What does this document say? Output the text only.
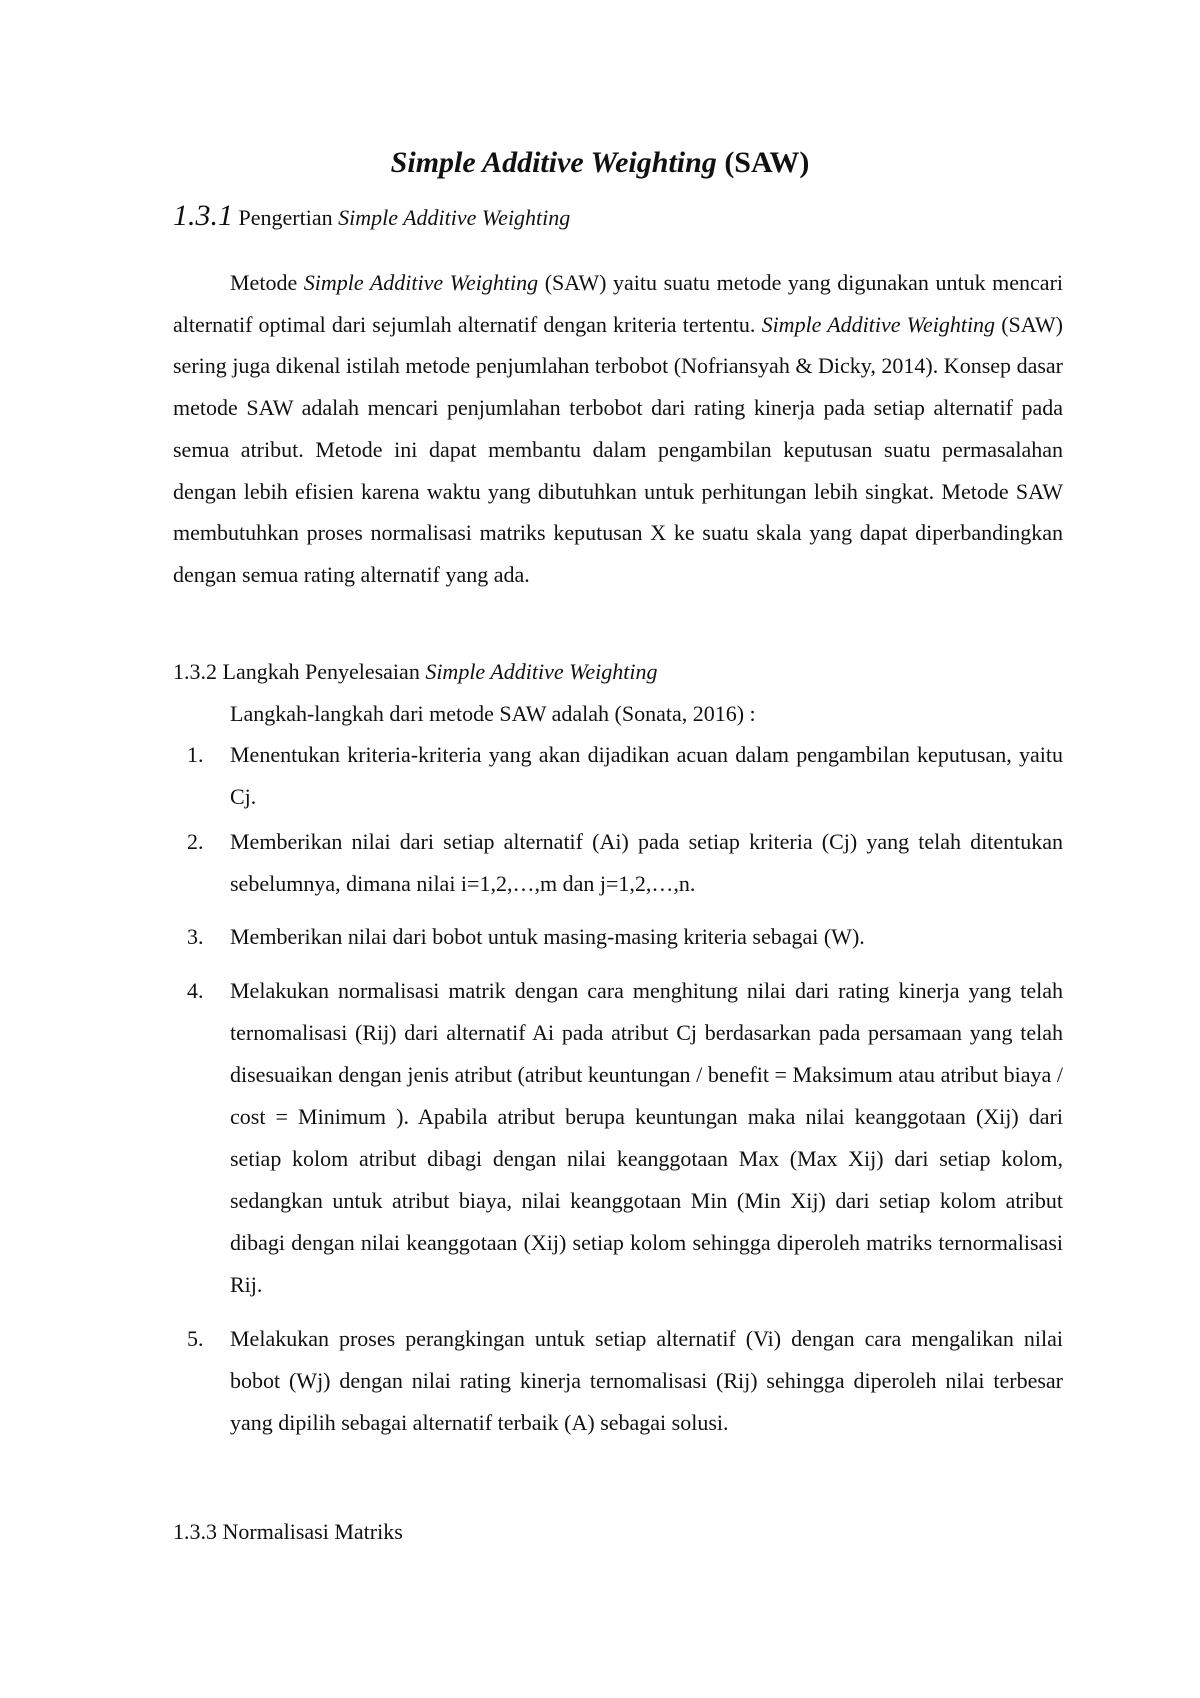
Simple Additive Weighting (SAW)

1.3.1 Pengertian Simple Additive Weighting

Metode Simple Additive Weighting (SAW) yaitu suatu metode yang digunakan untuk mencari alternatif optimal dari sejumlah alternatif dengan kriteria tertentu. Simple Additive Weighting (SAW) sering juga dikenal istilah metode penjumlahan terbobot (Nofriansyah & Dicky, 2014). Konsep dasar metode SAW adalah mencari penjumlahan terbobot dari rating kinerja pada setiap alternatif pada semua atribut. Metode ini dapat membantu dalam pengambilan keputusan suatu permasalahan dengan lebih efisien karena waktu yang dibutuhkan untuk perhitungan lebih singkat. Metode SAW membutuhkan proses normalisasi matriks keputusan X ke suatu skala yang dapat diperbandingkan dengan semua rating alternatif yang ada.

1.3.2 Langkah Penyelesaian Simple Additive Weighting

Langkah-langkah dari metode SAW adalah (Sonata, 2016) :

1. Menentukan kriteria-kriteria yang akan dijadikan acuan dalam pengambilan keputusan, yaitu Cj.

2. Memberikan nilai dari setiap alternatif (Ai) pada setiap kriteria (Cj) yang telah ditentukan sebelumnya, dimana nilai i=1,2,…,m dan j=1,2,…,n.

3. Memberikan nilai dari bobot untuk masing-masing kriteria sebagai (W).

4. Melakukan normalisasi matrik dengan cara menghitung nilai dari rating kinerja yang telah ternomalisasi (Rij) dari alternatif Ai pada atribut Cj berdasarkan pada persamaan yang telah disesuaikan dengan jenis atribut (atribut keuntungan / benefit = Maksimum atau atribut biaya / cost = Minimum ). Apabila atribut berupa keuntungan maka nilai keanggotaan (Xij) dari setiap kolom atribut dibagi dengan nilai keanggotaan Max (Max Xij) dari setiap kolom, sedangkan untuk atribut biaya, nilai keanggotaan Min (Min Xij) dari setiap kolom atribut dibagi dengan nilai keanggotaan (Xij) setiap kolom sehingga diperoleh matriks ternormalisasi Rij.

5. Melakukan proses perangkingan untuk setiap alternatif (Vi) dengan cara mengalikan nilai bobot (Wj) dengan nilai rating kinerja ternomalisasi (Rij) sehingga diperoleh nilai terbesar yang dipilih sebagai alternatif terbaik (A) sebagai solusi.

1.3.3 Normalisasi Matriks
